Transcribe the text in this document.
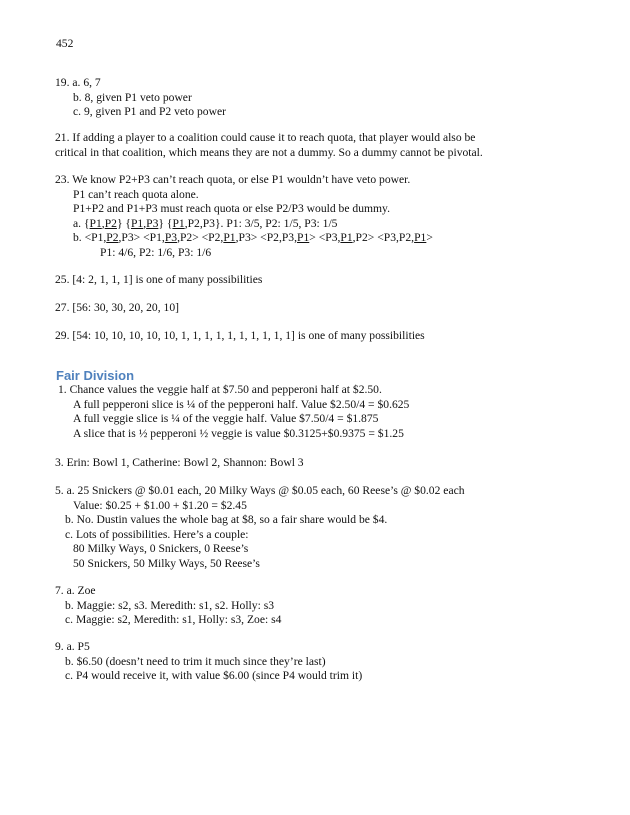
452
19. a. 6, 7
b. 8, given P1 veto power
c. 9, given P1 and P2 veto power
21. If adding a player to a coalition could cause it to reach quota, that player would also be
critical in that coalition, which means they are not a dummy. So a dummy cannot be pivotal.
23. We know P2+P3 can’t reach quota, or else P1 wouldn’t have veto power.
P1 can’t reach quota alone.
P1+P2 and P1+P3 must reach quota or else P2/P3 would be dummy.
a. {P1,P2} {P1,P3} {P1,P2,P3}. P1: 3/5, P2: 1/5, P3: 1/5
b. <P1,P2,P3> <P1,P3,P2> <P2,P1,P3> <P2,P3,P1> <P3,P1,P2> <P3,P2,P1>
P1: 4/6, P2: 1/6, P3: 1/6
25. [4: 2, 1, 1, 1] is one of many possibilities
27. [56: 30, 30, 20, 20, 10]
29. [54: 10, 10, 10, 10, 10, 1, 1, 1, 1, 1, 1, 1, 1, 1, 1] is one of many possibilities
Fair Division
1. Chance values the veggie half at $7.50 and pepperoni half at $2.50.
A full pepperoni slice is ¼ of the pepperoni half. Value $2.50/4 = $0.625
A full veggie slice is ¼ of the veggie half. Value $7.50/4 = $1.875
A slice that is ½ pepperoni ½ veggie is value $0.3125+$0.9375 = $1.25
3. Erin: Bowl 1, Catherine: Bowl 2, Shannon: Bowl 3
5. a. 25 Snickers @ $0.01 each, 20 Milky Ways @ $0.05 each, 60 Reese’s @ $0.02 each
Value: $0.25 + $1.00 + $1.20 = $2.45
b. No. Dustin values the whole bag at $8, so a fair share would be $4.
c. Lots of possibilities. Here’s a couple:
80 Milky Ways, 0 Snickers, 0 Reese’s
50 Snickers, 50 Milky Ways, 50 Reese’s
7. a. Zoe
b. Maggie: s2, s3. Meredith: s1, s2. Holly: s3
c. Maggie: s2, Meredith: s1, Holly: s3, Zoe: s4
9. a. P5
b. $6.50 (doesn’t need to trim it much since they’re last)
c. P4 would receive it, with value $6.00 (since P4 would trim it)
